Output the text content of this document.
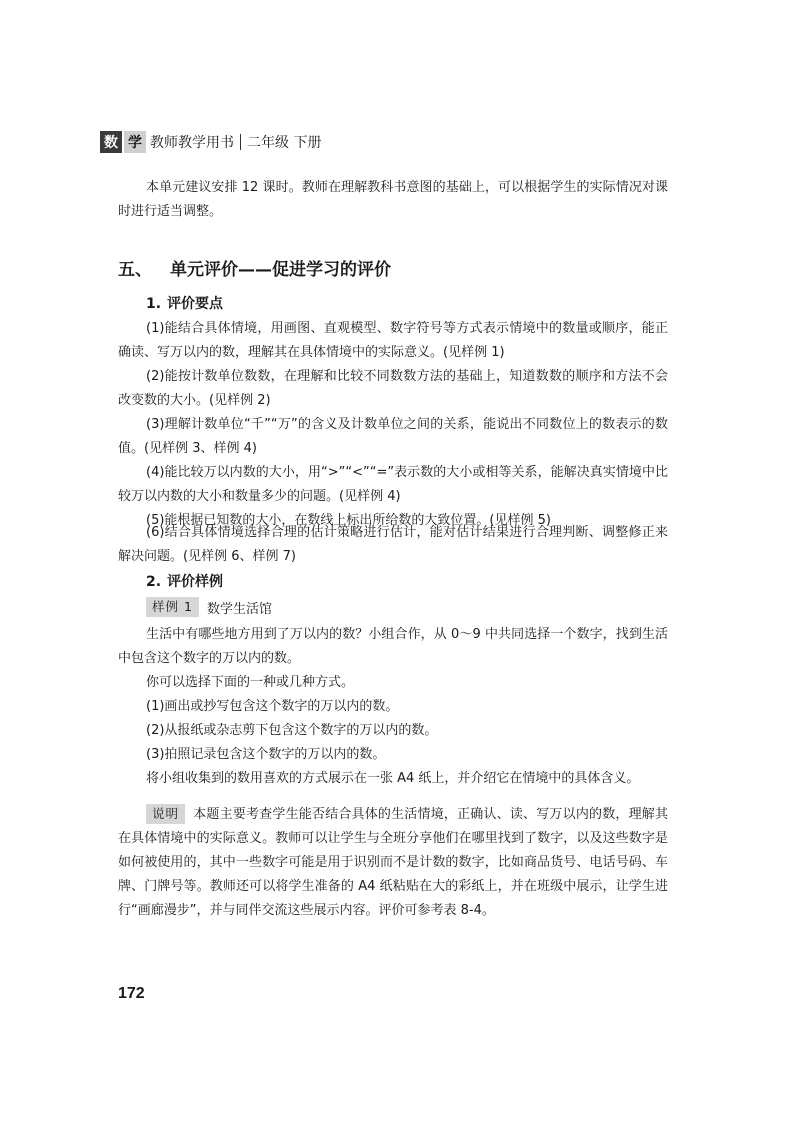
数 学 教师教学用书 二年级 下册

本单元建议安排 12 课时。教师在理解教科书意图的基础上，可以根据学生的实际情况对课时进行适当调整。

五、 单元评价——促进学习的评价
1. 评价要点

(1)能结合具体情境，用画图、直观模型、数字符号等方式表示情境中的数量或顺序，能正确读、写万以内的数，理解其在具体情境中的实际意义。(见样例 1)

(2)能按计数单位数数，在理解和比较不同数数方法的基础上，知道数数的顺序和方法不会改变数的大小。(见样例 2)

(3)理解计数单位“千”“万”的含义及计数单位之间的关系，能说出不同数位上的数表示的数值。(见样例 3、样例 4)

(4)能比较万以内数的大小，用“>”“<”“=”表示数的大小或相等关系，能解决真实情境中比较万以内数的大小和数量多少的问题。(见样例 4)

(5)能根据已知数的大小，在数线上标出所给数的大致位置。(见样例 5)

(6)结合具体情境选择合理的估计策略进行估计，能对估计结果进行合理判断、调整修正来解决问题。(见样例 6、样例 7)

2. 评价样例
样例 1	数学生活馆

生活中有哪些地方用到了万以内的数？小组合作，从 0～9 中共同选择一个数字，找到生活中包含这个数字的万以内的数。

你可以选择下面的一种或几种方式。

(1)画出或抄写包含这个数字的万以内的数。

(2)从报纸或杂志剪下包含这个数字的万以内的数。

(3)拍照记录包含这个数字的万以内的数。

将小组收集到的数用喜欢的方式展示在一张 A4 纸上，并介绍它在情境中的具体含义。

说明 本题主要考查学生能否结合具体的生活情境，正确认、读、写万以内的数，理解其在具体情境中的实际意义。教师可以让学生与全班分享他们在哪里找到了数字，以及这些数字是如何被使用的，其中一些数字可能是用于识别而不是计数的数字，比如商品货号、电话号码、车牌、门牌号等。教师还可以将学生准备的 A4 纸粘贴在大的彩纸上，并在班级中展示，让学生进行“画廊漫步”，并与同伴交流这些展示内容。评价可参考表 8-4。

172
